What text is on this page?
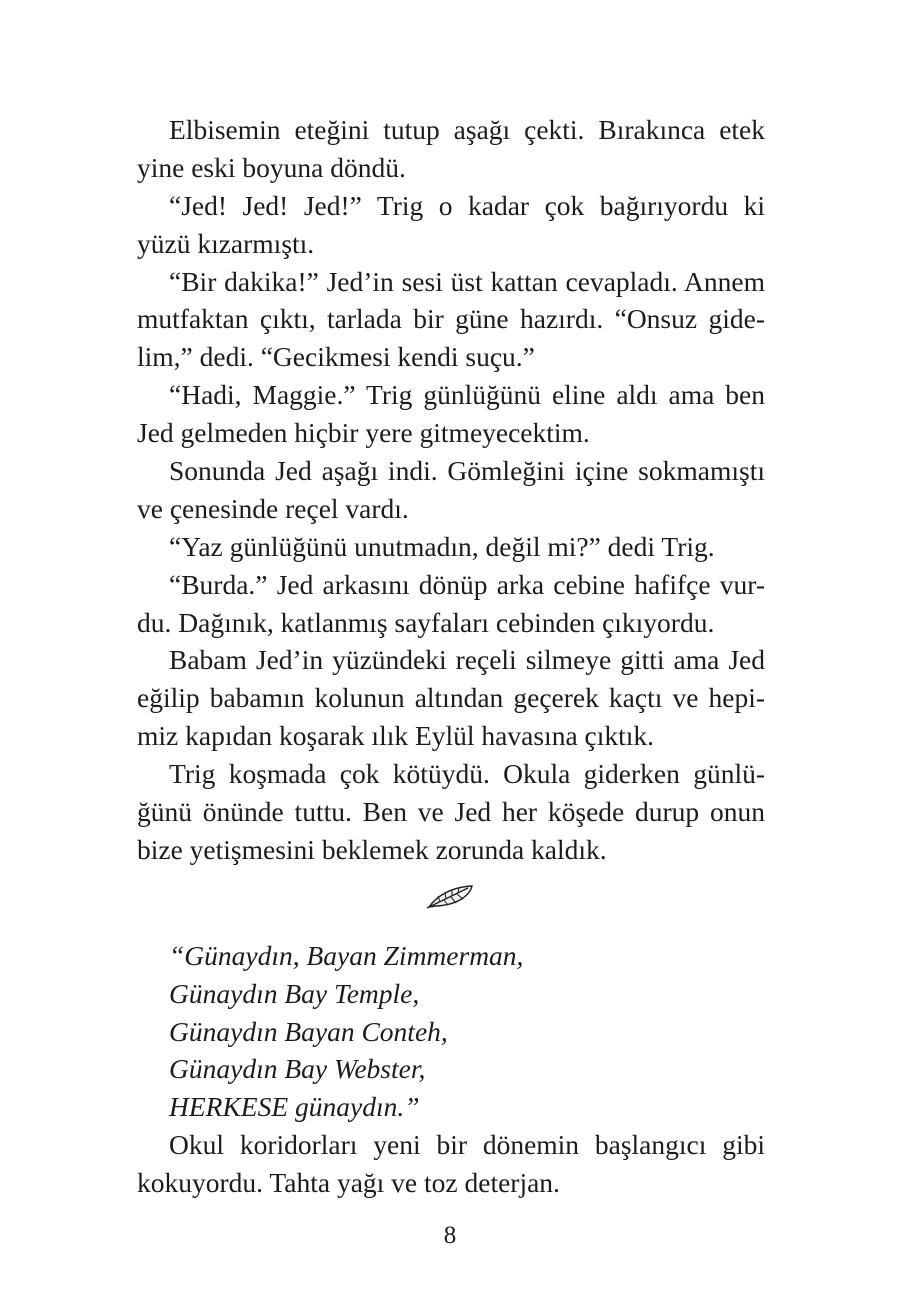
Elbisemin eteğini tutup aşağı çekti. Bırakınca etek
yine eski boyuna döndü.
“Jed! Jed! Jed!” Trig o kadar çok bağırıyordu ki
yüzü kızarmıştı.
“Bir dakika!” Jed’in sesi üst kattan cevapladı. Annem
mutfaktan çıktı, tarlada bir güne hazırdı. “Onsuz gide-
lim,” dedi. “Gecikmesi kendi suçu.”
“Hadi, Maggie.” Trig günlüğünü eline aldı ama ben
Jed gelmeden hiçbir yere gitmeyecektim.
Sonunda Jed aşağı indi. Gömleğini içine sokmamıştı
ve çenesinde reçel vardı.
“Yaz günlüğünü unutmadın, değil mi?” dedi Trig.
“Burda.” Jed arkasını dönüp arka cebine hafifçe vur-
du. Dağınık, katlanmış sayfaları cebinden çıkıyordu.
Babam Jed’in yüzündeki reçeli silmeye gitti ama Jed
eğilip babamın kolunun altından geçerek kaçtı ve hepi-
miz kapıdan koşarak ılık Eylül havasına çıktık.
Trig koşmada çok kötüydü. Okula giderken günlü-
ğünü önünde tuttu. Ben ve Jed her köşede durup onun
bize yetişmesini beklemek zorunda kaldık.
“Günaydın, Bayan Zimmerman,
Günaydın Bay Temple,
Günaydın Bayan Conteh,
Günaydın Bay Webster,
HERKESE günaydın.”
Okul koridorları yeni bir dönemin başlangıcı gibi
kokuyordu. Tahta yağı ve toz deterjan.
8
